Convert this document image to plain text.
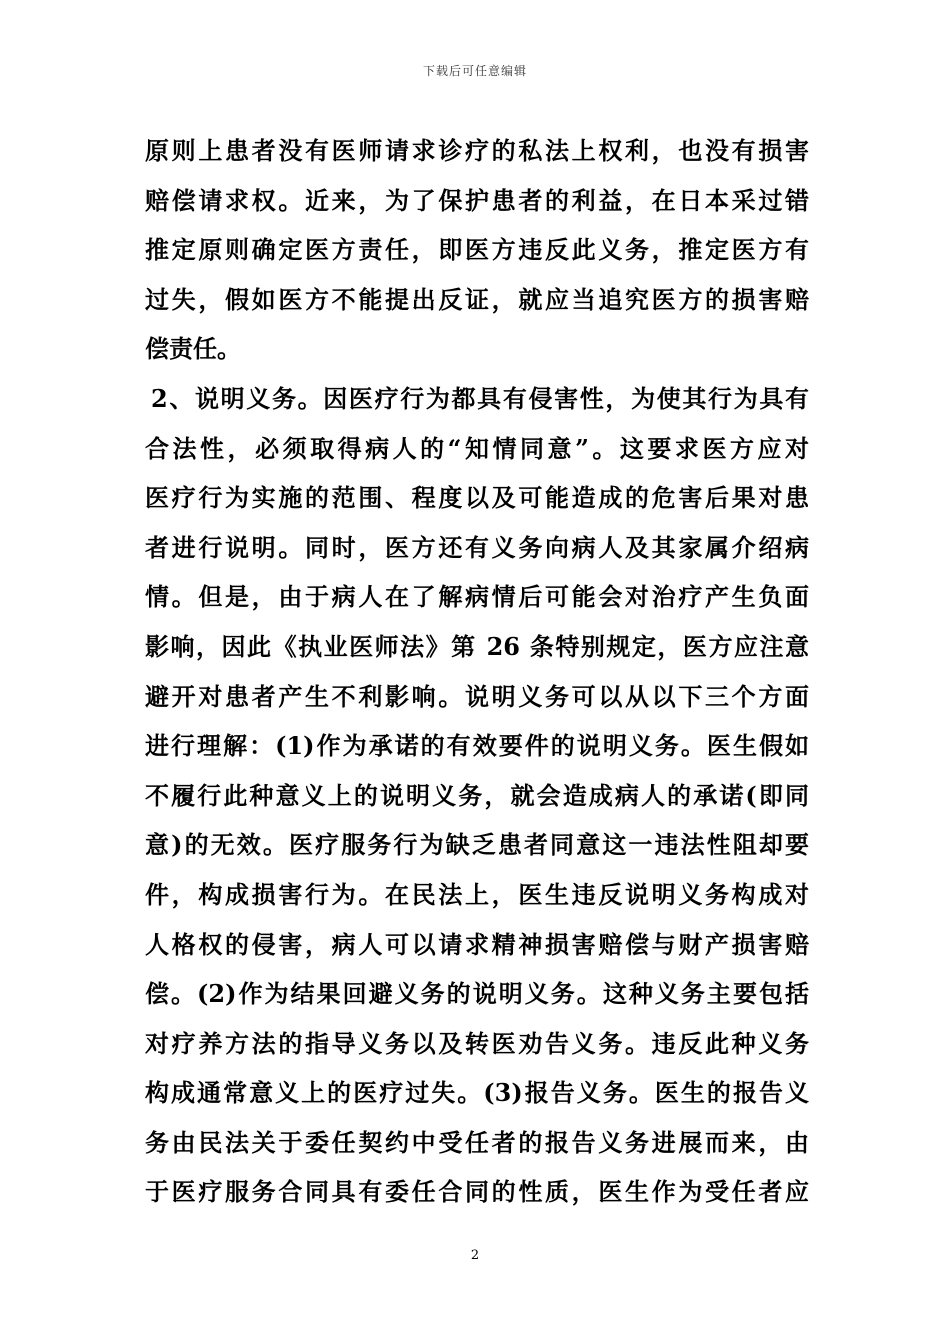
下载后可任意编辑
原则上患者没有医师请求诊疗的私法上权利，也没有损害
赔偿请求权。近来，为了保护患者的利益，在日本采过错
推定原则确定医方责任，即医方违反此义务，推定医方有
过失，假如医方不能提出反证，就应当追究医方的损害赔
偿责任。
2、说明义务。因医疗行为都具有侵害性，为使其行为具有
合法性，必须取得病人的“知情同意”。这要求医方应对
医疗行为实施的范围、程度以及可能造成的危害后果对患
者进行说明。同时，医方还有义务向病人及其家属介绍病
情。但是，由于病人在了解病情后可能会对治疗产生负面
影响，因此《执业医师法》第 26 条特别规定，医方应注意
避开对患者产生不利影响。说明义务可以从以下三个方面
进行理解：(1)作为承诺的有效要件的说明义务。医生假如
不履行此种意义上的说明义务，就会造成病人的承诺(即同
意)的无效。医疗服务行为缺乏患者同意这一违法性阻却要
件，构成损害行为。在民法上，医生违反说明义务构成对
人格权的侵害，病人可以请求精神损害赔偿与财产损害赔
偿。(2)作为结果回避义务的说明义务。这种义务主要包括
对疗养方法的指导义务以及转医劝告义务。违反此种义务
构成通常意义上的医疗过失。(3)报告义务。医生的报告义
务由民法关于委任契约中受任者的报告义务进展而来，由
于医疗服务合同具有委任合同的性质，医生作为受任者应
2
